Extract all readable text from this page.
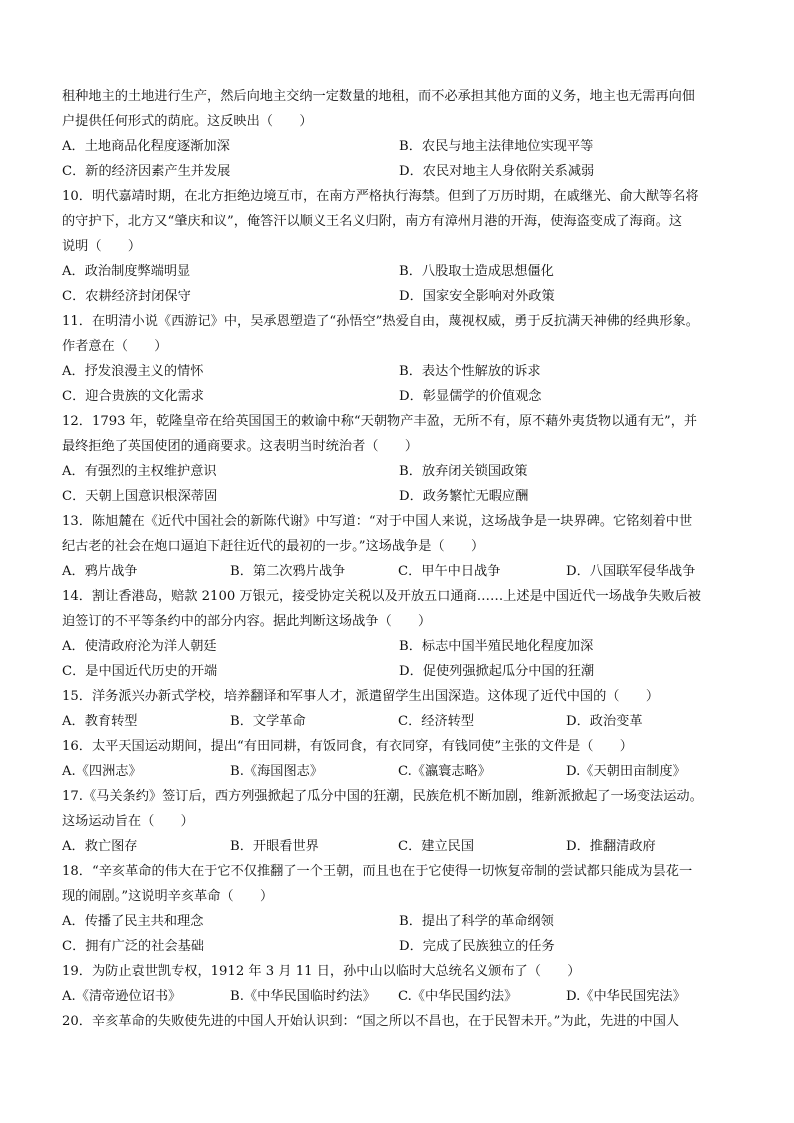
租种地主的土地进行生产，然后向地主交纳一定数量的地租，而不必承担其他方面的义务，地主也无需再向佃
户提供任何形式的荫庇。这反映出（　　）
A．土地商品化程度逐渐加深	B．农民与地主法律地位实现平等
C．新的经济因素产生并发展	D．农民对地主人身依附关系减弱
10．明代嘉靖时期，在北方拒绝边境互市，在南方严格执行海禁。但到了万历时期，在戚继光、俞大猷等名将
的守护下，北方又“肇庆和议”，俺答汗以顺义王名义归附，南方有漳州月港的开海，使海盗变成了海商。这
说明（　　）
A．政治制度弊端明显	B．八股取士造成思想僵化
C．农耕经济封闭保守	D．国家安全影响对外政策
11．在明清小说《西游记》中，吴承恩塑造了“孙悟空”热爱自由，蔑视权威，勇于反抗满天神佛的经典形象。
作者意在（　　）
A．抒发浪漫主义的情怀	B．表达个性解放的诉求
C．迎合贵族的文化需求	D．彰显儒学的价值观念
12．1793 年，乾隆皇帝在给英国国王的敕谕中称“天朝物产丰盈，无所不有，原不藉外夷货物以通有无”，并
最终拒绝了英国使团的通商要求。这表明当时统治者（　　）
A．有强烈的主权维护意识	B．放弃闭关锁国政策
C．天朝上国意识根深蒂固	D．政务繁忙无暇应酬
13．陈旭麓在《近代中国社会的新陈代谢》中写道：“对于中国人来说，这场战争是一块界碑。它铭刻着中世
纪古老的社会在炮口逼迫下赶往近代的最初的一步。”这场战争是（　　）
A．鸦片战争	B．第二次鸦片战争	C．甲午中日战争	D．八国联军侵华战争
14．割让香港岛，赔款 2100 万银元，接受协定关税以及开放五口通商……上述是中国近代一场战争失败后被
迫签订的不平等条约中的部分内容。据此判断这场战争（　　）
A．使清政府沦为洋人朝廷	B．标志中国半殖民地化程度加深
C．是中国近代历史的开端	D．促使列强掀起瓜分中国的狂潮
15．洋务派兴办新式学校，培养翻译和军事人才，派遣留学生出国深造。这体现了近代中国的（　　）
A．教育转型	B．文学革命	C．经济转型	D．政治变革
16．太平天国运动期间，提出“有田同耕，有饭同食，有衣同穿，有钱同使”主张的文件是（　　）
A.《四洲志》	B.《海国图志》	C.《瀛寰志略》	D.《天朝田亩制度》
17.《马关条约》签订后，西方列强掀起了瓜分中国的狂潮，民族危机不断加剧，维新派掀起了一场变法运动。
这场运动旨在（　　）
A．救亡图存	B．开眼看世界	C．建立民国	D．推翻清政府
18．“辛亥革命的伟大在于它不仅推翻了一个王朝，而且也在于它使得一切恢复帝制的尝试都只能成为昙花一
现的闹剧。”这说明辛亥革命（　　）
A．传播了民主共和理念	B．提出了科学的革命纲领
C．拥有广泛的社会基础	D．完成了民族独立的任务
19．为防止袁世凯专权，1912 年 3 月 11 日，孙中山以临时大总统名义颁布了（　　）
A.《清帝逊位诏书》	B.《中华民国临时约法》	C.《中华民国约法》	D.《中华民国宪法》
20．辛亥革命的失败使先进的中国人开始认识到：“国之所以不昌也，在于民智未开。”为此，先进的中国人
